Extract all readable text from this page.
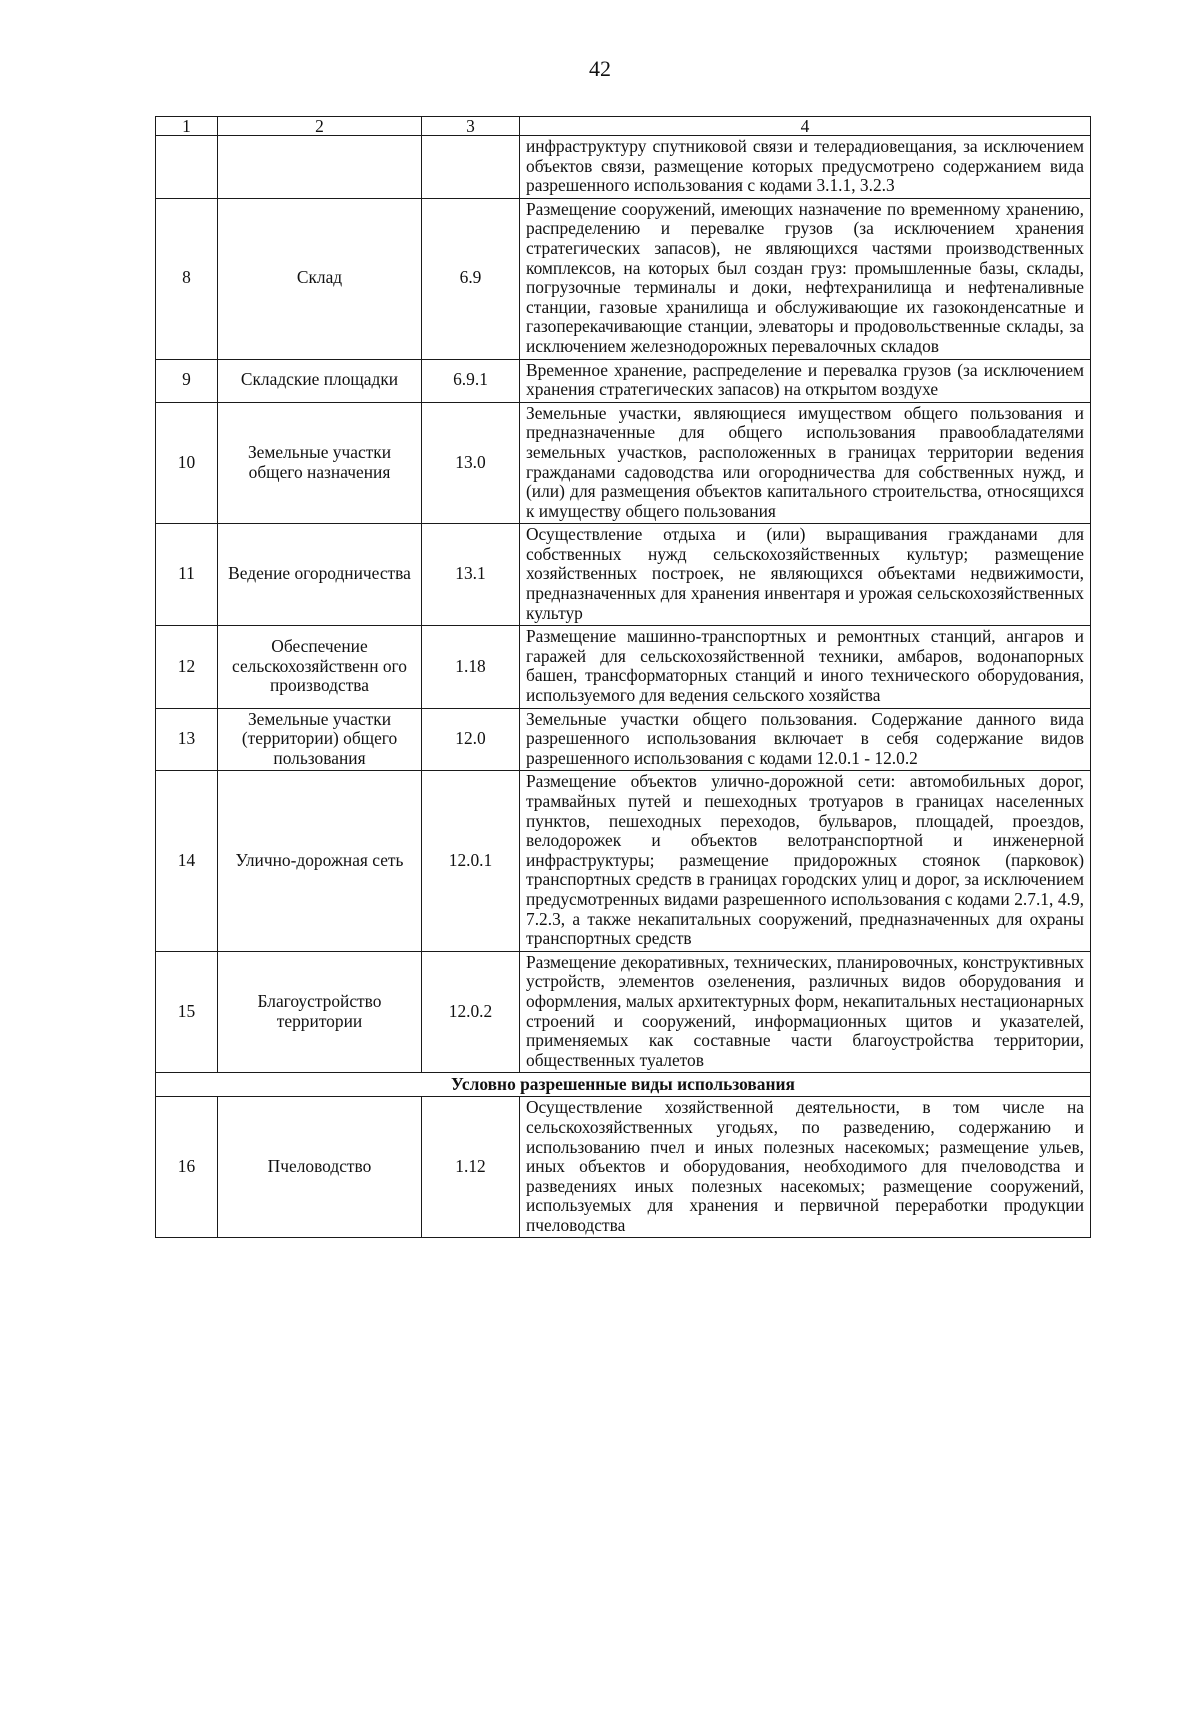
42
1	2	3	4
			инфраструктуру спутниковой связи и телерадиовещания, за исключением объектов связи, размещение которых предусмотрено содержанием вида разрешенного использования с кодами 3.1.1, 3.2.3
8	Склад	6.9	Размещение сооружений, имеющих назначение по временному хранению, распределению и перевалке грузов (за исключением хранения стратегических запасов), не являющихся частями производственных комплексов, на которых был создан груз: промышленные базы, склады, погрузочные терминалы и доки, нефтехранилища и нефтеналивные станции, газовые хранилища и обслуживающие их газоконденсатные и газоперекачивающие станции, элеваторы и продовольственные склады, за исключением железнодорожных перевалочных складов
9	Складские площадки	6.9.1	Временное хранение, распределение и перевалка грузов (за исключением хранения стратегических запасов) на открытом воздухе
10	Земельные участки общего назначения	13.0	Земельные участки, являющиеся имуществом общего пользования и предназначенные для общего использования правообладателями земельных участков, расположенных в границах территории ведения гражданами садоводства или огородничества для собственных нужд, и (или) для размещения объектов капитального строительства, относящихся к имуществу общего пользования
11	Ведение огородничества	13.1	Осуществление отдыха и (или) выращивания гражданами для собственных нужд сельскохозяйственных культур; размещение хозяйственных построек, не являющихся объектами недвижимости, предназначенных для хранения инвентаря и урожая сельскохозяйственных культур
12	Обеспечение сельскохозяйственн ого производства	1.18	Размещение машинно-транспортных и ремонтных станций, ангаров и гаражей для сельскохозяйственной техники, амбаров, водонапорных башен, трансформаторных станций и иного технического оборудования, используемого для ведения сельского хозяйства
13	Земельные участки (территории) общего пользования	12.0	Земельные участки общего пользования. Содержание данного вида разрешенного использования включает в себя содержание видов разрешенного использования с кодами 12.0.1 - 12.0.2
14	Улично-дорожная сеть	12.0.1	Размещение объектов улично-дорожной сети: автомобильных дорог, трамвайных путей и пешеходных тротуаров в границах населенных пунктов, пешеходных переходов, бульваров, площадей, проездов, велодорожек и объектов велотранспортной и инженерной инфраструктуры; размещение придорожных стоянок (парковок) транспортных средств в границах городских улиц и дорог, за исключением предусмотренных видами разрешенного использования с кодами 2.7.1, 4.9, 7.2.3, а также некапитальных сооружений, предназначенных для охраны транспортных средств
15	Благоустройство территории	12.0.2	Размещение декоративных, технических, планировочных, конструктивных устройств, элементов озеленения, различных видов оборудования и оформления, малых архитектурных форм, некапитальных нестационарных строений и сооружений, информационных щитов и указателей, применяемых как составные части благоустройства территории, общественных туалетов
Условно разрешенные виды использования			
16	Пчеловодство	1.12	Осуществление хозяйственной деятельности, в том числе на сельскохозяйственных угодьях, по разведению, содержанию и использованию пчел и иных полезных насекомых; размещение ульев, иных объектов и оборудования, необходимого для пчеловодства и разведениях иных полезных насекомых; размещение сооружений, используемых для хранения и первичной переработки продукции пчеловодства
